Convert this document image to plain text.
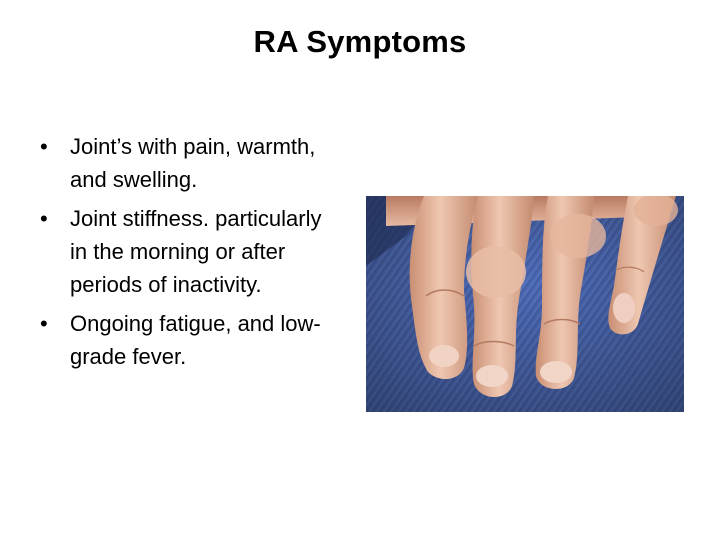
RA Symptoms
•	Joint’s with pain, warmth, and swelling.
•	Joint stiffness. particularly in the morning or after periods of inactivity.
•	Ongoing fatigue, and low-grade fever.
